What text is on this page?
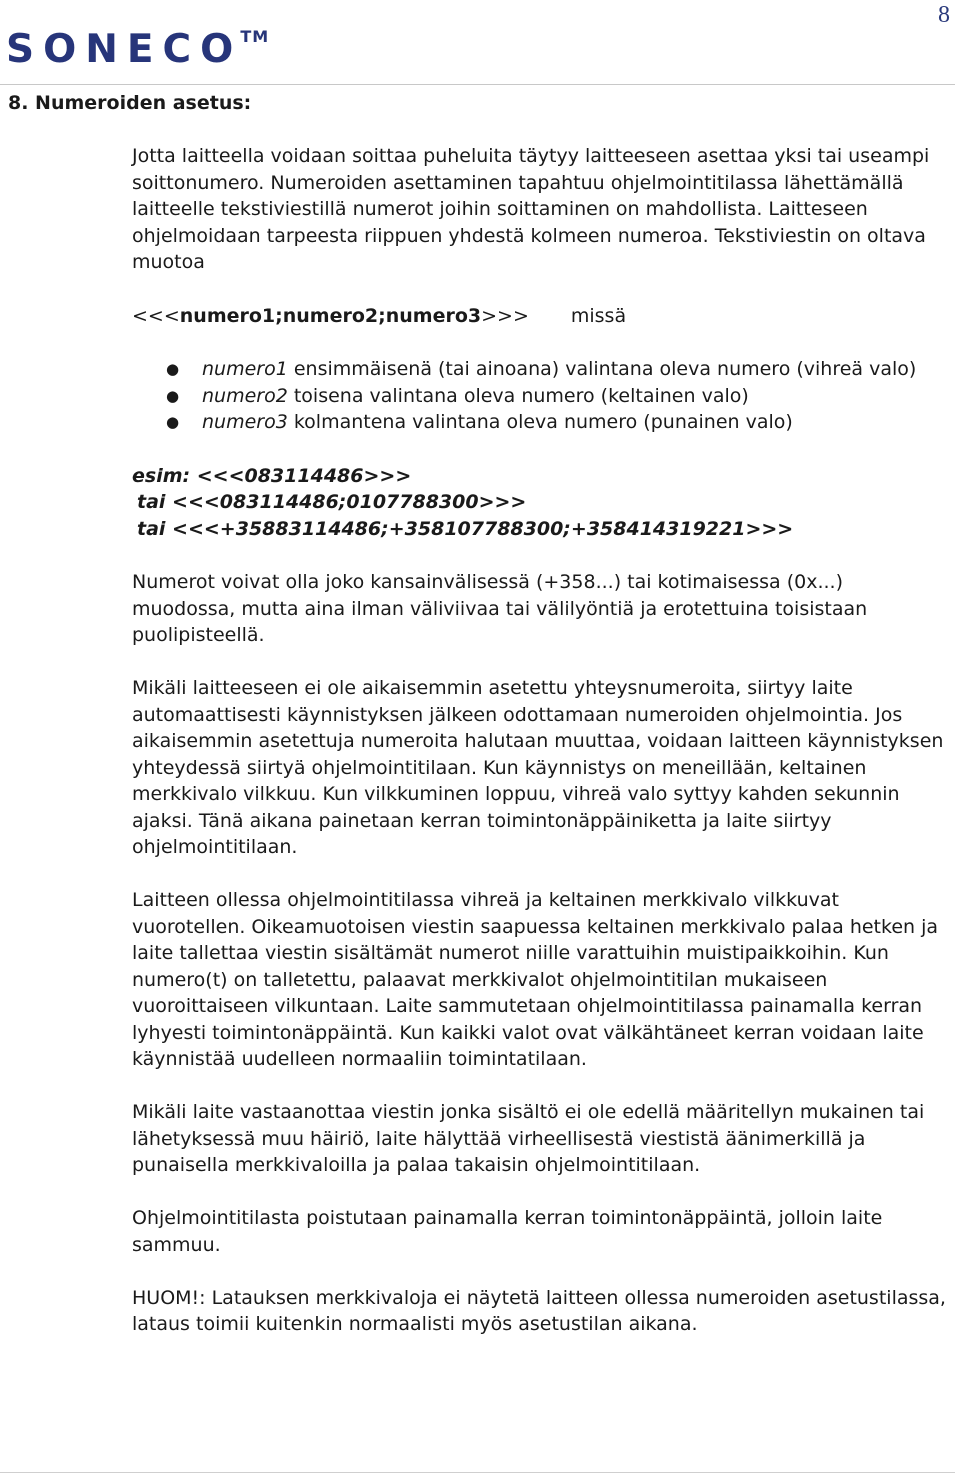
8
SONECO™
8. Numeroiden asetus:

Jotta laitteella voidaan soittaa puheluita täytyy laitteeseen asettaa yksi tai useampi soittonumero. Numeroiden asettaminen tapahtuu ohjelmointitilassa lähettämällä laitteelle tekstiviestillä numerot joihin soittaminen on mahdollista. Laitteseen ohjelmoidaan tarpeesta riippuen yhdestä kolmeen numeroa. Tekstiviestin on oltava muotoa

<<<numero1;numero2;numero3>>> missä

● numero1 ensimmäisenä (tai ainoana) valintana oleva numero (vihreä valo)
● numero2 toisena valintana oleva numero (keltainen valo)
● numero3 kolmantena valintana oleva numero (punainen valo)
esim: <<<083114486>>>
tai <<<083114486;0107788300>>>
tai <<<+35883114486;+358107788300;+358414319221>>>

Numerot voivat olla joko kansainvälisessä (+358...) tai kotimaisessa (0x...) muodossa, mutta aina ilman väliviivaa tai välilyöntiä ja erotettuina toisistaan puolipisteellä.

Mikäli laitteeseen ei ole aikaisemmin asetettu yhteysnumeroita, siirtyy laite automaattisesti käynnistyksen jälkeen odottamaan numeroiden ohjelmointia. Jos aikaisemmin asetettuja numeroita halutaan muuttaa, voidaan laitteen käynnistyksen yhteydessä siirtyä ohjelmointitilaan. Kun käynnistys on meneillään, keltainen merkkivalo vilkkuu. Kun vilkkuminen loppuu, vihreä valo syttyy kahden sekunnin ajaksi. Tänä aikana painetaan kerran toimintonäppäiniketta ja laite siirtyy ohjelmointitilaan.

Laitteen ollessa ohjelmointitilassa vihreä ja keltainen merkkivalo vilkkuvat vuorotellen. Oikeamuotoisen viestin saapuessa keltainen merkkivalo palaa hetken ja laite tallettaa viestin sisältämät numerot niille varattuihin muistipaikkoihin. Kun numero(t) on talletettu, palaavat merkkivalot ohjelmointitilan mukaiseen vuoroittaiseen vilkuntaan. Laite sammutetaan ohjelmointitilassa painamalla kerran lyhyesti toimintonäppäintä. Kun kaikki valot ovat välkähtäneet kerran voidaan laite käynnistää uudelleen normaaliin toimintatilaan.

Mikäli laite vastaanottaa viestin jonka sisältö ei ole edellä määritellyn mukainen tai lähetyksessä muu häiriö, laite hälyttää virheellisestä viestistä äänimerkillä ja punaisella merkkivaloilla ja palaa takaisin ohjelmointitilaan.

Ohjelmointitilasta poistutaan painamalla kerran toimintonäppäintä, jolloin laite sammuu.

HUOM!: Latauksen merkkivaloja ei näytetä laitteen ollessa numeroiden asetustilassa, lataus toimii kuitenkin normaalisti myös asetustilan aikana.
